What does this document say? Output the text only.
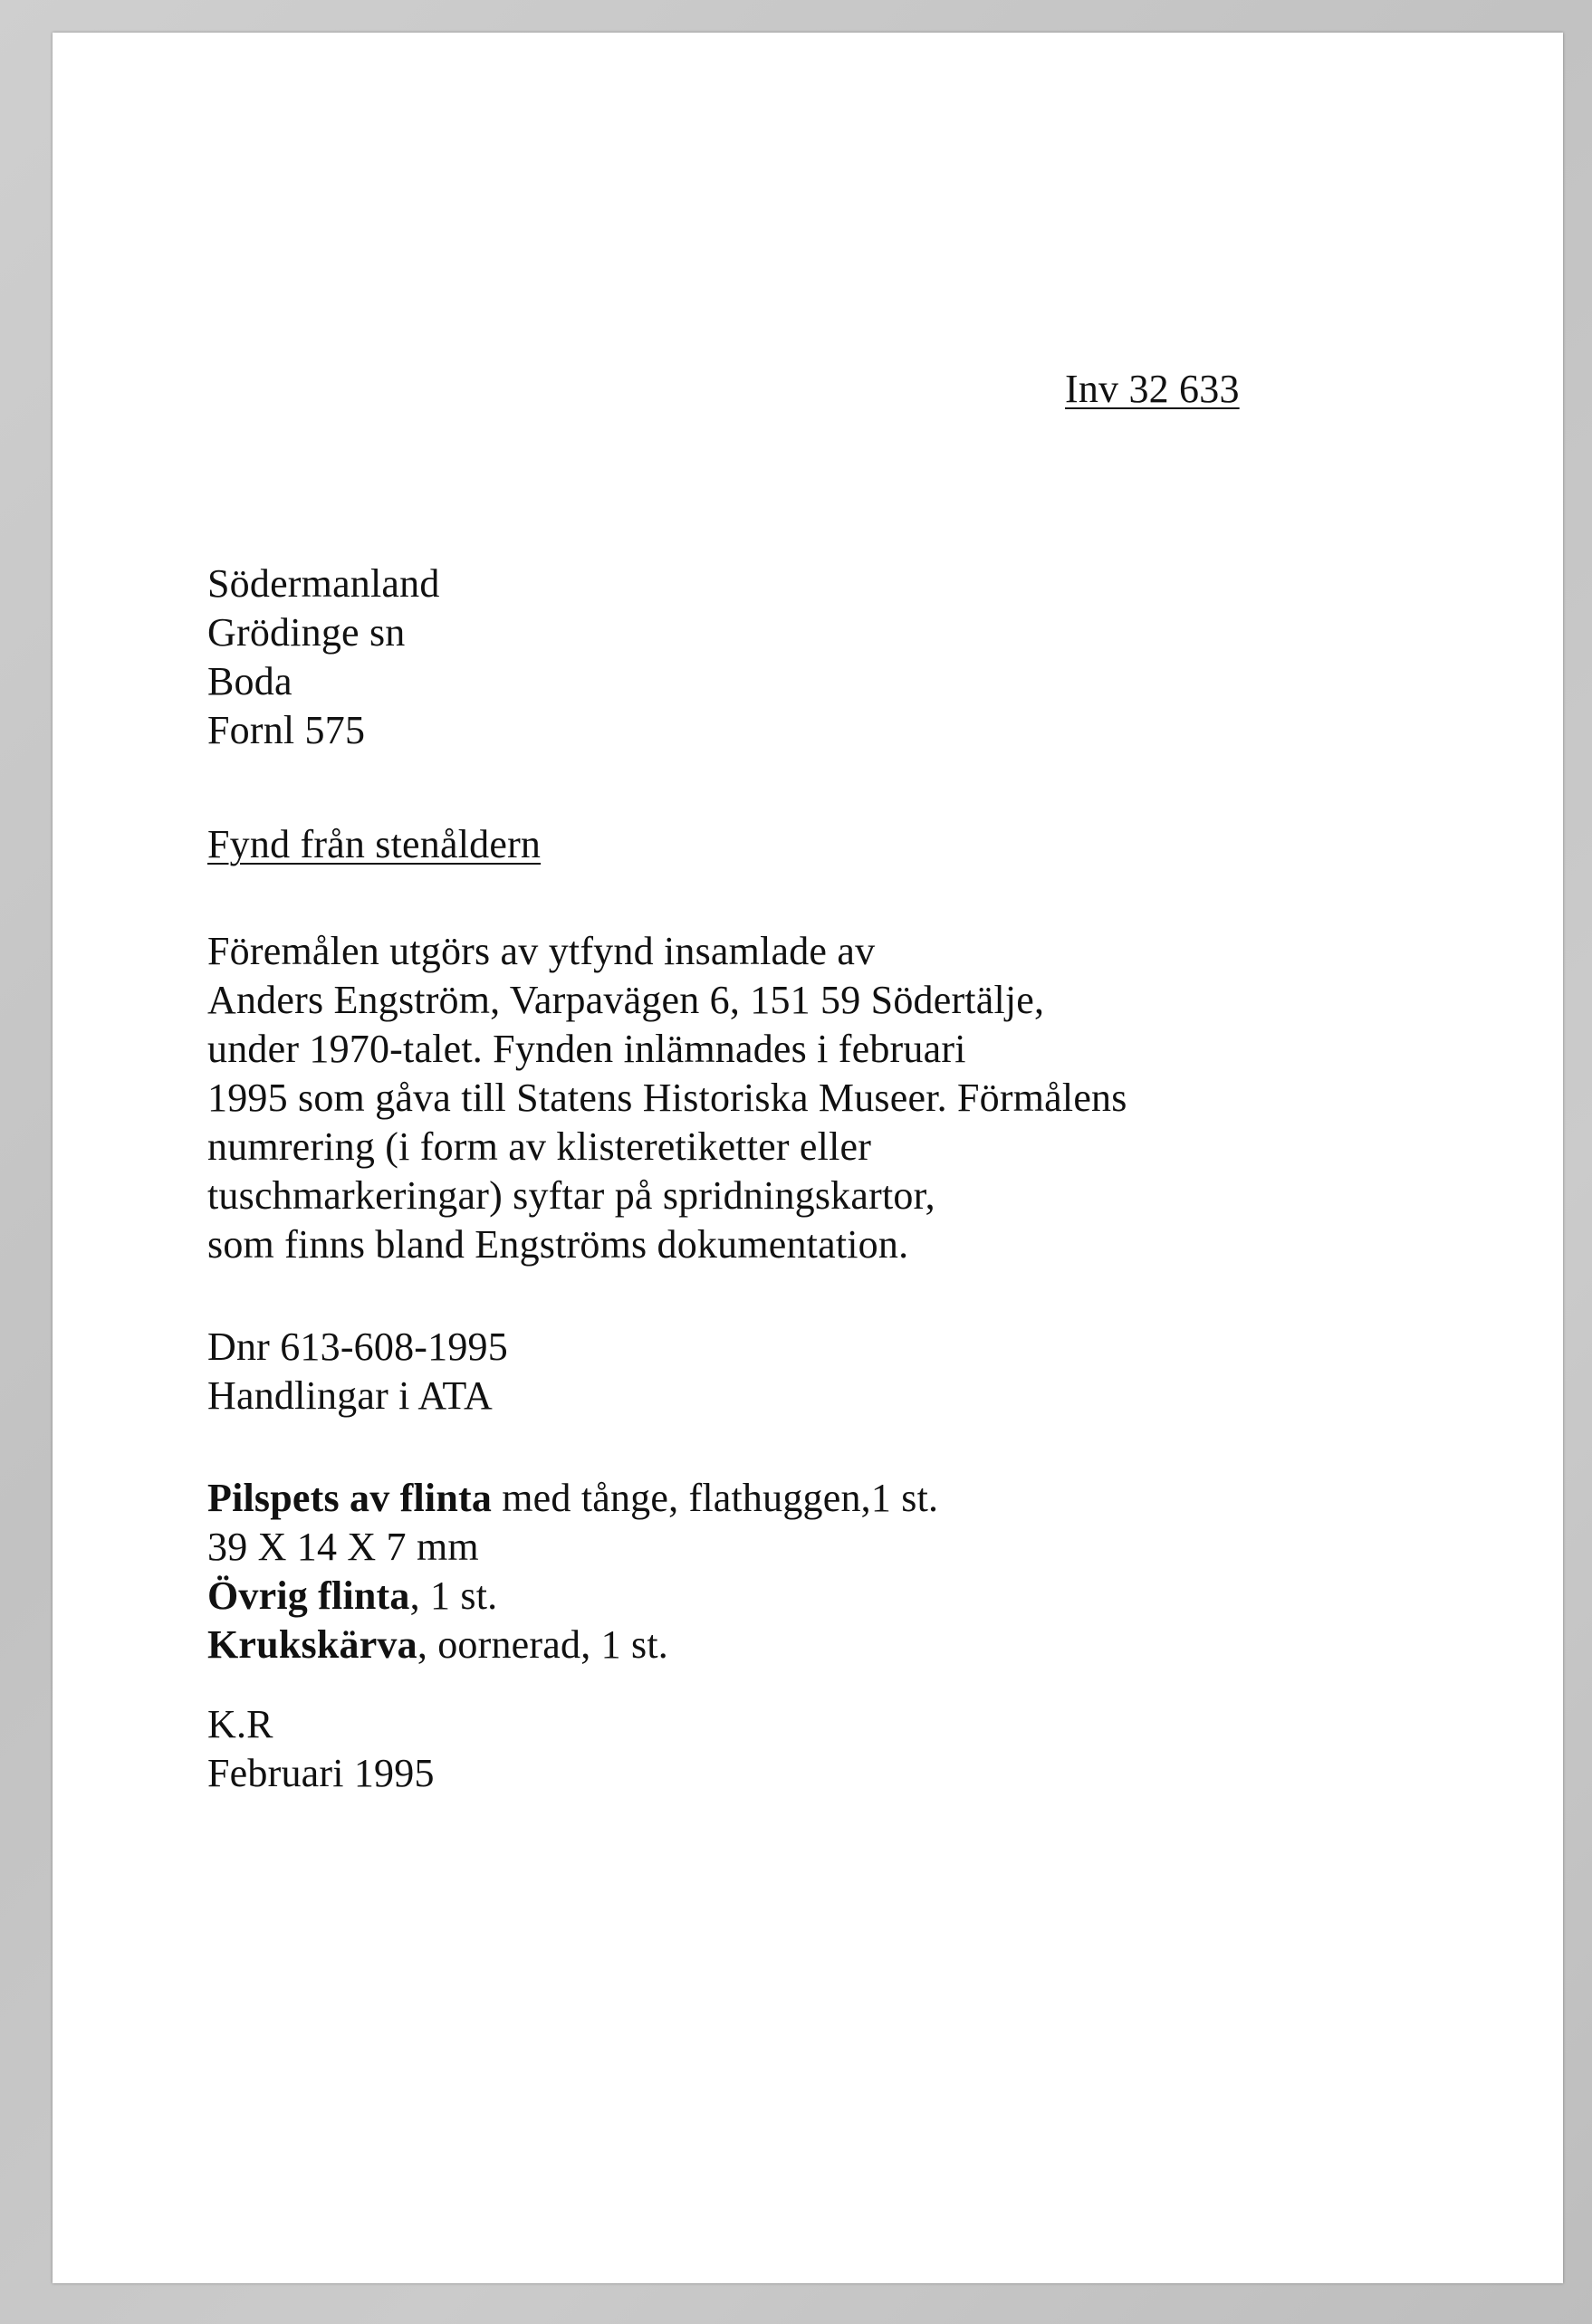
Inv 32 633
Södermanland
Grödinge sn
Boda
Fornl 575
Fynd från stenåldern
Föremålen utgörs av ytfynd insamlade av
Anders Engström, Varpavägen 6, 151 59 Södertälje,
under 1970-talet. Fynden inlämnades i februari
1995 som gåva till Statens Historiska Museer. Förmålens
numrering (i form av klisteretiketter eller
tuschmarkeringar) syftar på spridningskartor,
som finns bland Engströms dokumentation.
Dnr 613-608-1995
Handlingar i ATA
Pilspets av flinta med tånge, flathuggen,1 st.
39 X 14 X 7 mm
Övrig flinta, 1 st.
Krukskärva, oornerad, 1 st.
K.R
Februari 1995
